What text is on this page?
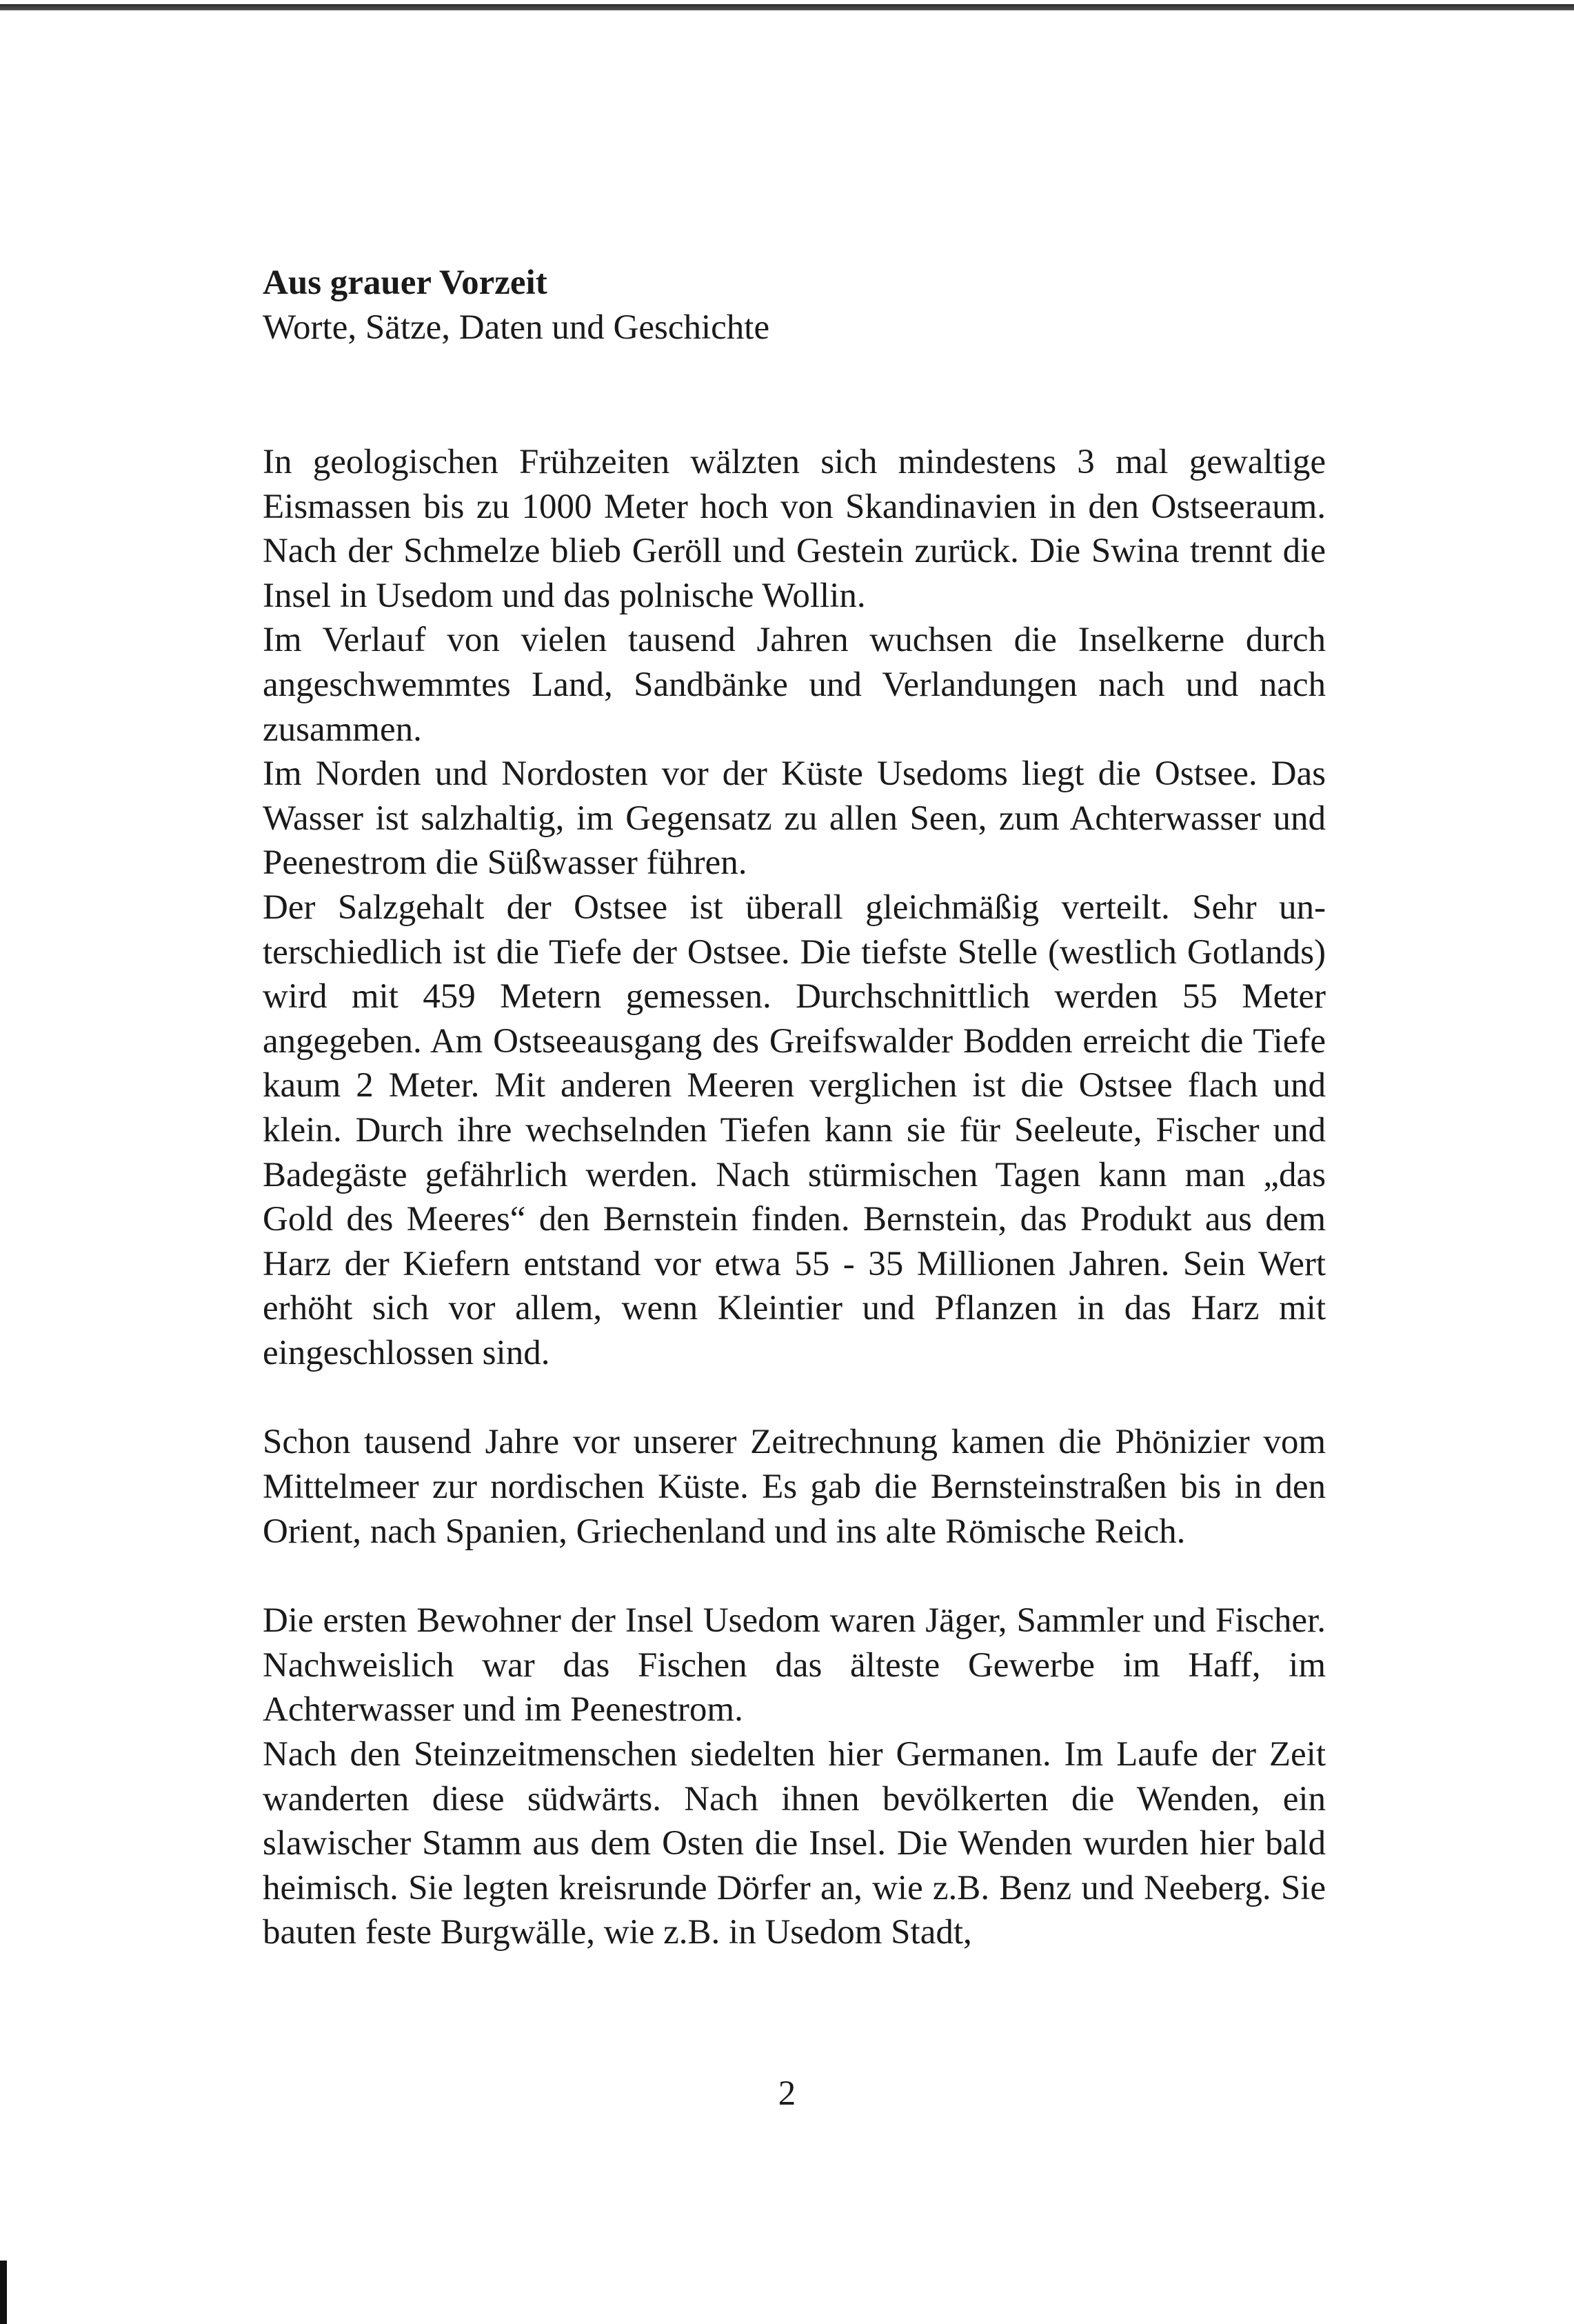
Aus grauer Vorzeit
Worte, Sätze, Daten und Geschichte

In geologischen Frühzeiten wälzten sich mindestens 3 mal gewaltige Eismassen bis zu 1000 Meter hoch von Skandinavien in den Ostseeraum. Nach der Schmelze blieb Geröll und Gestein zurück. Die Swina trennt die Insel in Usedom und das polnische Wollin.

Im Verlauf von vielen tausend Jahren wuchsen die Inselkerne durch angeschwemmtes Land, Sandbänke und Verlandungen nach und nach zusammen.

Im Norden und Nordosten vor der Küste Usedoms liegt die Ostsee. Das Wasser ist salzhaltig, im Gegensatz zu allen Seen, zum Achterwasser und Peenestrom die Süßwasser führen.

Der Salzgehalt der Ostsee ist überall gleichmäßig verteilt. Sehr unterschiedlich ist die Tiefe der Ostsee. Die tiefste Stelle (westlich Gotlands) wird mit 459 Metern gemessen. Durchschnittlich werden 55 Meter angegeben. Am Ostseeausgang des Greifswalder Bodden erreicht die Tiefe kaum 2 Meter. Mit anderen Meeren verglichen ist die Ostsee flach und klein. Durch ihre wechselnden Tiefen kann sie für Seeleute, Fischer und Badegäste gefährlich werden. Nach stürmischen Tagen kann man „das Gold des Meeres“ den Bernstein finden. Bernstein, das Produkt aus dem Harz der Kiefern entstand vor etwa 55 - 35 Millionen Jahren. Sein Wert erhöht sich vor allem, wenn Kleintier und Pflanzen in das Harz mit eingeschlossen sind.

Schon tausend Jahre vor unserer Zeitrechnung kamen die Phönizier vom Mittelmeer zur nordischen Küste. Es gab die Bernsteinstraßen bis in den Orient, nach Spanien, Griechenland und ins alte Römische Reich.

Die ersten Bewohner der Insel Usedom waren Jäger, Sammler und Fischer. Nachweislich war das Fischen das älteste Gewerbe im Haff, im Achterwasser und im Peenestrom.

Nach den Steinzeitmenschen siedelten hier Germanen. Im Laufe der Zeit wanderten diese südwärts. Nach ihnen bevölkerten die Wenden, ein slawischer Stamm aus dem Osten die Insel. Die Wenden wurden hier bald heimisch. Sie legten kreisrunde Dörfer an, wie z.B. Benz und Neeberg. Sie bauten feste Burgwälle, wie z.B. in Usedom Stadt,

2
